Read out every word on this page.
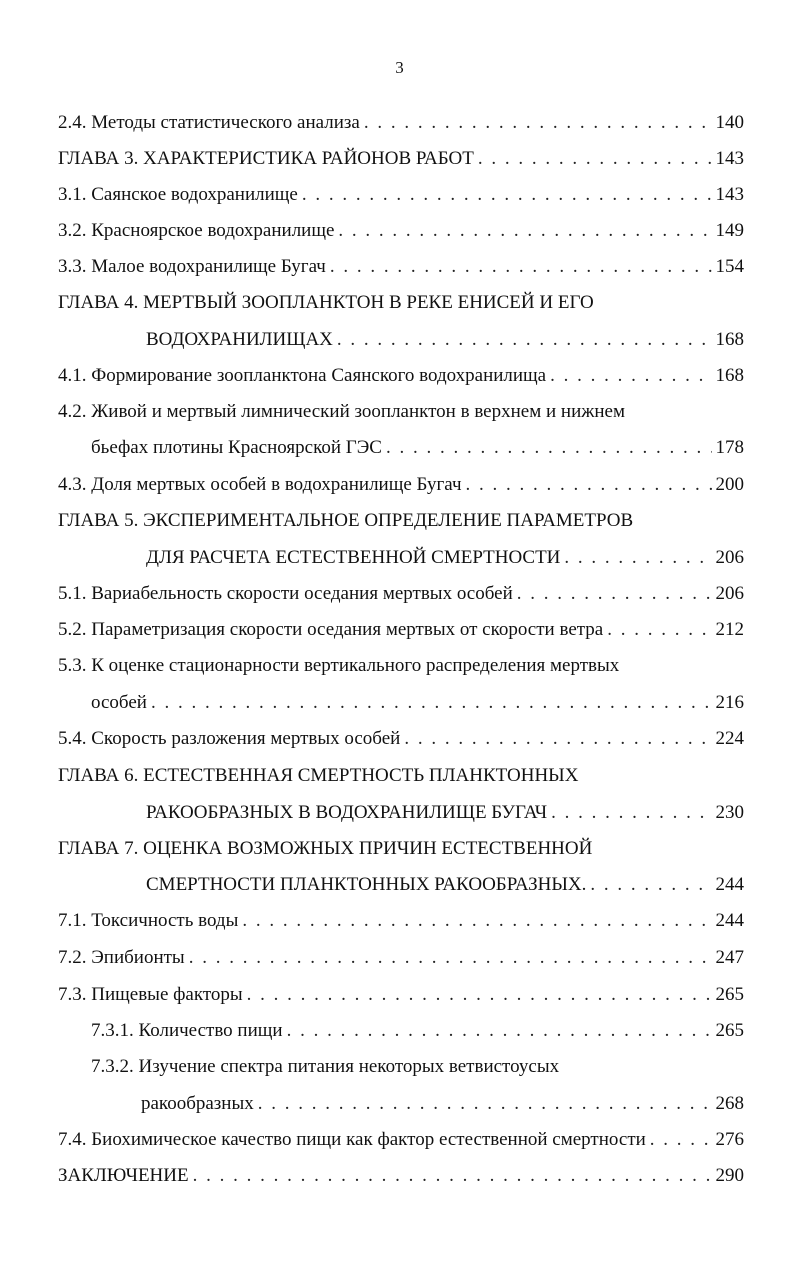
3
2.4. Методы статистического анализа . . .	140
ГЛАВА 3. ХАРАКТЕРИСТИКА РАЙОНОВ РАБОТ . . .	143
3.1. Саянское водохранилище . . .	143
3.2. Красноярское водохранилище . . .	149
3.3. Малое водохранилище Бугач . . .	154
ГЛАВА 4. МЕРТВЫЙ ЗООПЛАНКТОН В РЕКЕ ЕНИСЕЙ И ЕГО
ВОДОХРАНИЛИЩАХ . . .	168
4.1. Формирование зоопланктона Саянского водохранилища . . .	168
4.2. Живой и мертвый лимнический зоопланктон в верхнем и нижнем
бьефах плотины Красноярской ГЭС . . .	178
4.3. Доля мертвых особей в водохранилище Бугач . . .	200
ГЛАВА 5. ЭКСПЕРИМЕНТАЛЬНОЕ ОПРЕДЕЛЕНИЕ ПАРАМЕТРОВ
ДЛЯ РАСЧЕТА ЕСТЕСТВЕННОЙ СМЕРТНОСТИ . . .	206
5.1. Вариабельность скорости оседания мертвых особей . . .	206
5.2. Параметризация скорости оседания мертвых от скорости ветра . . .	212
5.3. К оценке стационарности вертикального распределения мертвых
особей . . .	216
5.4. Скорость разложения мертвых особей . . .	224
ГЛАВА 6. ЕСТЕСТВЕННАЯ СМЕРТНОСТЬ ПЛАНКТОННЫХ
РАКООБРАЗНЫХ В ВОДОХРАНИЛИЩЕ БУГАЧ . . .	230
ГЛАВА 7. ОЦЕНКА ВОЗМОЖНЫХ ПРИЧИН ЕСТЕСТВЕННОЙ
СМЕРТНОСТИ ПЛАНКТОННЫХ РАКООБРАЗНЫХ. . . .	244
7.1. Токсичность воды . . .	244
7.2. Эпибионты . . .	247
7.3. Пищевые факторы . . .	265
7.3.1. Количество пищи . . .	265
7.3.2. Изучение спектра питания некоторых ветвистоусых
ракообразных . . .	268
7.4. Биохимическое качество пищи как фактор естественной смертности . . .	276
ЗАКЛЮЧЕНИЕ . . .	290
